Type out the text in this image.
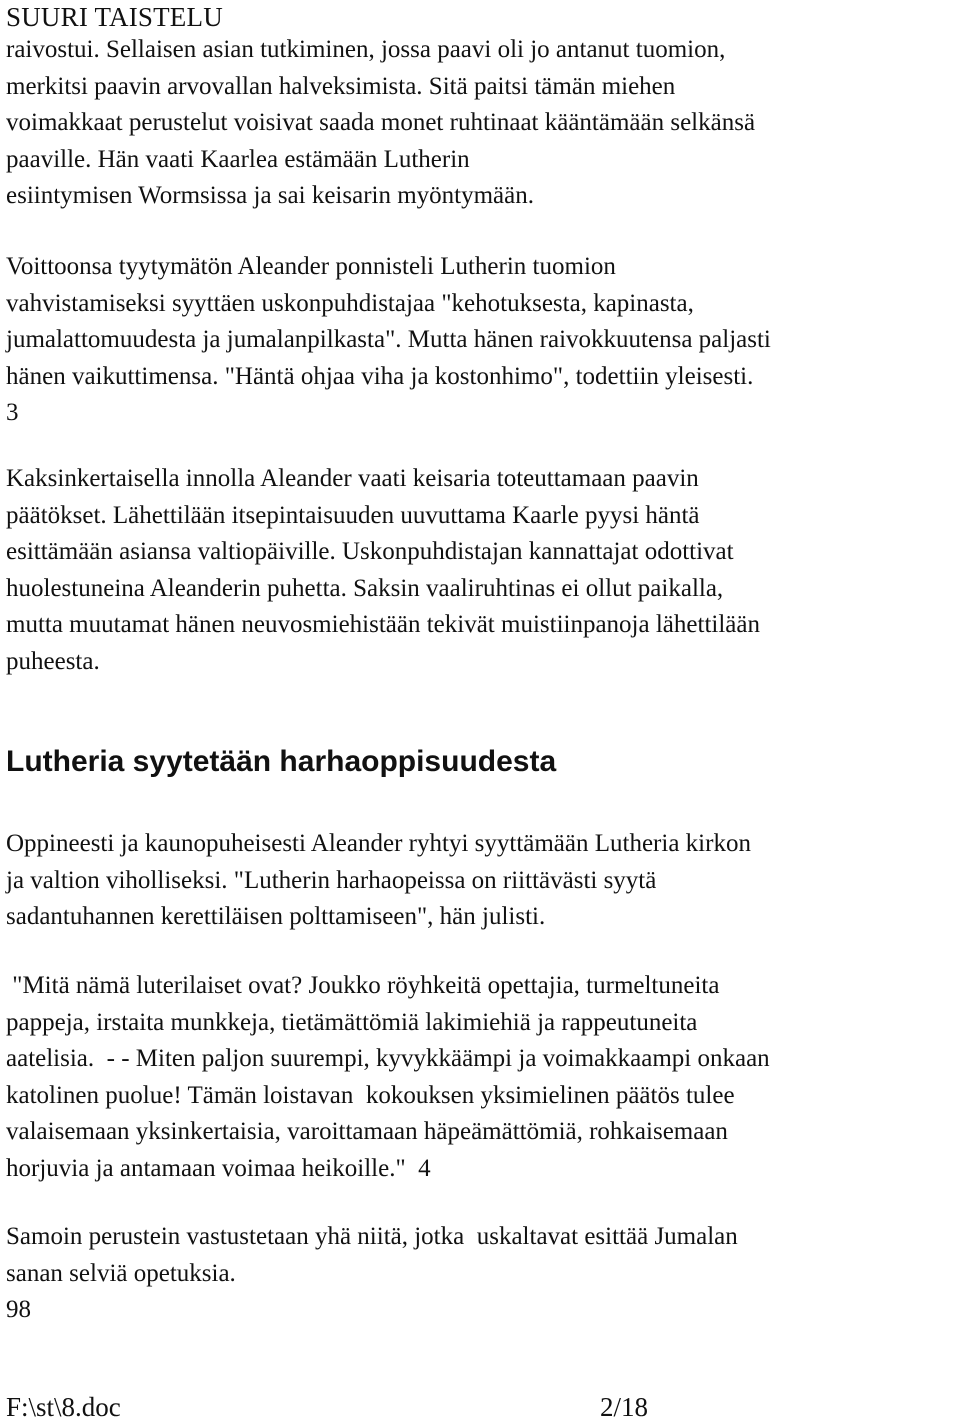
SUURI TAISTELU
raivostui. Sellaisen asian tutkiminen, jossa paavi oli jo antanut tuomion,
merkitsi paavin arvovallan halveksimista. Sitä paitsi tämän miehen
voimakkaat perustelut voisivat saada monet ruhtinaat kääntämään selkänsä
paaville. Hän vaati Kaarlea estämään Lutherin
esiintymisen Wormsissa ja sai keisarin myöntymään.
Voittoonsa tyytymätön Aleander ponnisteli Lutherin tuomion
vahvistamiseksi syyttäen uskonpuhdistajaa "kehotuksesta, kapinasta,
jumalattomuudesta ja jumalanpilkasta". Mutta hänen raivokkuutensa paljasti
hänen vaikuttimensa. "Häntä ohjaa viha ja kostonhimo", todettiin yleisesti.
3
Kaksinkertaisella innolla Aleander vaati keisaria toteuttamaan paavin
päätökset. Lähettilään itsepintaisuuden uuvuttama Kaarle pyysi häntä
esittämään asiansa valtiopäiville. Uskonpuhdistajan kannattajat odottivat
huolestuneina Aleanderin puhetta. Saksin vaaliruhtinas ei ollut paikalla,
mutta muutamat hänen neuvosmiehistään tekivät muistiinpanoja lähettilään
puheesta.
Lutheria syytetään harhaoppisuudesta
Oppineesti ja kaunopuheisesti Aleander ryhtyi syyttämään Lutheria kirkon
ja valtion viholliseksi. "Lutherin harhaopeissa on riittävästi syytä
sadantuhannen kerettiläisen polttamiseen", hän julisti.
"Mitä nämä luterilaiset ovat? Joukko röyhkeitä opettajia, turmeltuneita
pappeja, irstaita munkkeja, tietämättömiä lakimiehiä ja rappeutuneita
aatelisia.  - - Miten paljon suurempi, kyvykkäämpi ja voimakkaampi onkaan
katolinen puolue! Tämän loistavan  kokouksen yksimielinen päätös tulee
valaisemaan yksinkertaisia, varoittamaan häpeämättömiä, rohkaisemaan
horjuvia ja antamaan voimaa heikoille."  4
Samoin perustein vastustetaan yhä niitä, jotka  uskaltavat esittää Jumalan
sanan selviä opetuksia.
98
F:\st\8.doc	2/18
